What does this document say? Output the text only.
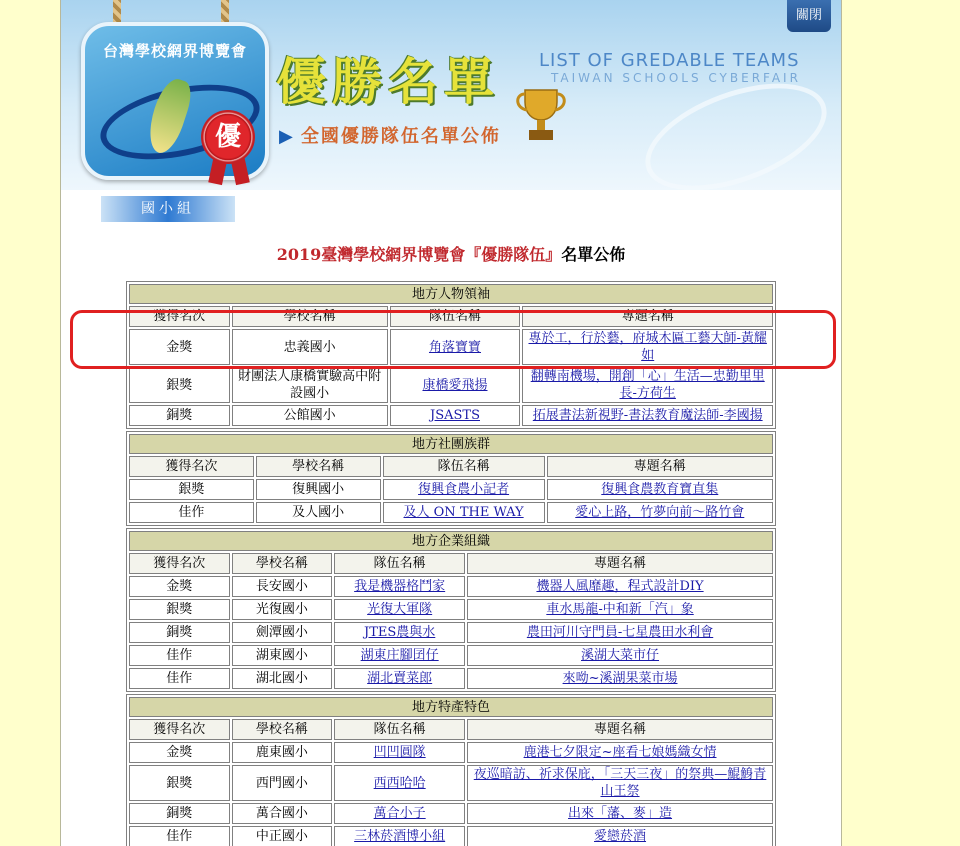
台灣學校網界博覽會
優
優勝名單
▶ 全國優勝隊伍名單公佈
LIST OF GREDABLE TEAMS
TAIWAN SCHOOLS CYBERFAIR
關閉
國小組
2019臺灣學校網界博覽會『優勝隊伍』名單公佈
地方人物領袖			
獲得名次	學校名稱	隊伍名稱	專題名稱
金獎	忠義國小	角落寶寶	專於工，行於藝，府城木匾工藝大師-黃耀如
銀獎	財團法人康橋實驗高中附設國小	康橋愛飛揚	翻轉南機場，開創「心」生活—忠勤里里長-方荷生
銅獎	公館國小	JSASTS	拓展書法新視野-書法教育魔法師-李國揚
地方社團族群			
獲得名次	學校名稱	隊伍名稱	專題名稱
銀獎	復興國小	復興食農小記者	復興食農教育寶直集
佳作	及人國小	及人 ON THE WAY	愛心上路，竹夢向前～路竹會
地方企業組織			
獲得名次	學校名稱	隊伍名稱	專題名稱
金獎	長安國小	我是機器格鬥家	機器人風靡趣，程式設計DIY
銀獎	光復國小	光復大軍隊	車水馬龍-中和新「汽」象
銅獎	劍潭國小	JTES農與水	農田河川守門員-七星農田水利會
佳作	湖東國小	湖東庄腳囝仔	溪湖大菜市仔
佳作	湖北國小	湖北賣菜郎	來呦~溪湖果菜市場
地方特產特色			
獲得名次	學校名稱	隊伍名稱	專題名稱
金獎	鹿東國小	凹凹圓隊	鹿港七夕限定~座看七娘媽織女情
銀獎	西門國小	西西哈哈	夜巡暗訪、祈求保庇，「三天三夜」的祭典—鯤鯓青山王祭
銅獎	萬合國小	萬合小子	出來「藩、麥」造
佳作	中正國小	三林菸酒博小組	愛戀菸酒
